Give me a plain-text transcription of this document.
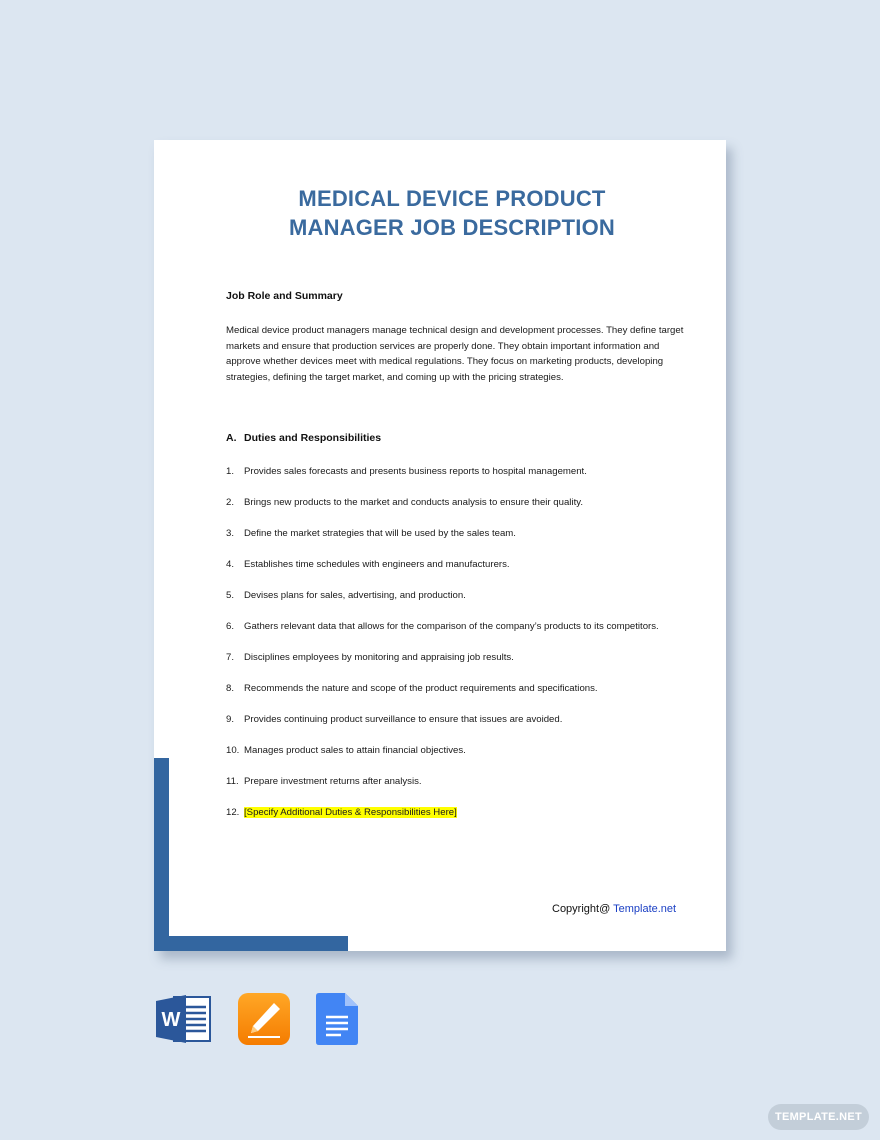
MEDICAL DEVICE PRODUCT
MANAGER JOB DESCRIPTION
Job Role and Summary
Medical device product managers manage technical design and development processes. They define target markets and ensure that production services are properly done. They obtain important information and approve whether devices meet with medical regulations. They focus on marketing products, developing strategies, defining the target market, and coming up with the pricing strategies.
A. Duties and Responsibilities
1.	Provides sales forecasts and presents business reports to hospital management.
2.	Brings new products to the market and conducts analysis to ensure their quality.
3.	Define the market strategies that will be used by the sales team.
4.	Establishes time schedules with engineers and manufacturers.
5.	Devises plans for sales, advertising, and production.
6.	Gathers relevant data that allows for the comparison of the company’s products to its competitors.
7.	Disciplines employees by monitoring and appraising job results.
8.	Recommends the nature and scope of the product requirements and specifications.
9.	Provides continuing product surveillance to ensure that issues are avoided.
10. Manages product sales to attain financial objectives.
11. Prepare investment returns after analysis.
12. [Specify Additional Duties & Responsibilities Here]
Copyright@ Template.net
W
TEMPLATE.NET
